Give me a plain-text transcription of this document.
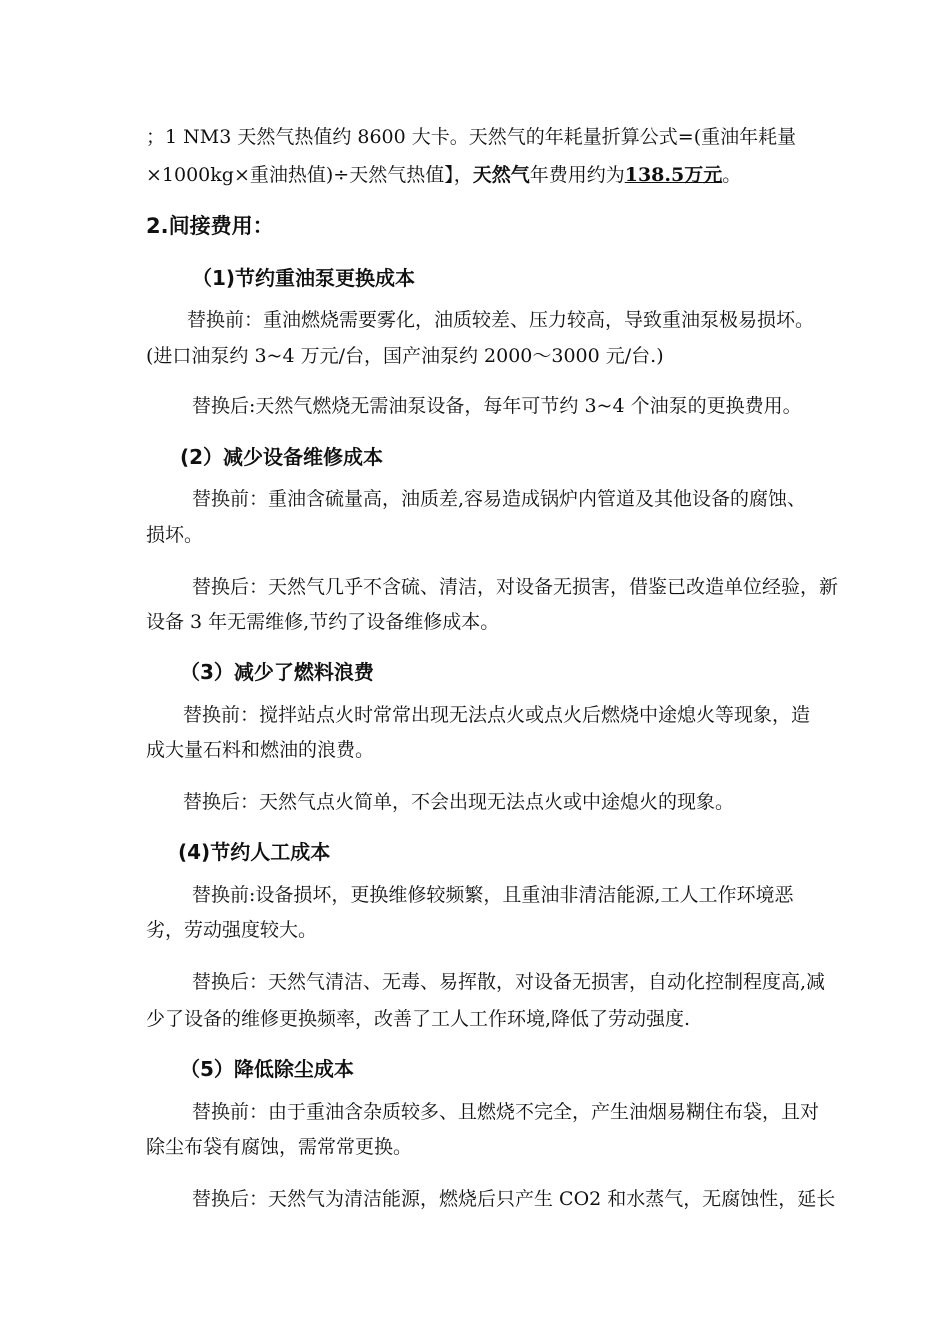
；1 NM3 天然气热值约 8600 大卡。天然气的年耗量折算公式=(重油年耗量
×1000kg×重油热值)÷天然气热值】，天然气年费用约为138.5万元。
2.间接费用：
（1)节约重油泵更换成本
替换前：重油燃烧需要雾化，油质较差、压力较高，导致重油泵极易损坏。
(进口油泵约 3~4 万元/台，国产油泵约 2000～3000 元/台.)
替换后:天然气燃烧无需油泵设备，每年可节约 3~4 个油泵的更换费用。
(2）减少设备维修成本
替换前：重油含硫量高，油质差,容易造成锅炉内管道及其他设备的腐蚀、
损坏。
替换后：天然气几乎不含硫、清洁，对设备无损害，借鉴已改造单位经验，新
设备 3 年无需维修,节约了设备维修成本。
（3）减少了燃料浪费
替换前：搅拌站点火时常常出现无法点火或点火后燃烧中途熄火等现象，造
成大量石料和燃油的浪费。
替换后：天然气点火简单，不会出现无法点火或中途熄火的现象。
(4)节约人工成本
替换前:设备损坏，更换维修较频繁，且重油非清洁能源,工人工作环境恶
劣，劳动强度较大。
替换后：天然气清洁、无毒、易挥散，对设备无损害，自动化控制程度高,减
少了设备的维修更换频率，改善了工人工作环境,降低了劳动强度.
（5）降低除尘成本
替换前：由于重油含杂质较多、且燃烧不完全，产生油烟易糊住布袋，且对
除尘布袋有腐蚀，需常常更换。
替换后：天然气为清洁能源，燃烧后只产生 CO2 和水蒸气，无腐蚀性，延长
